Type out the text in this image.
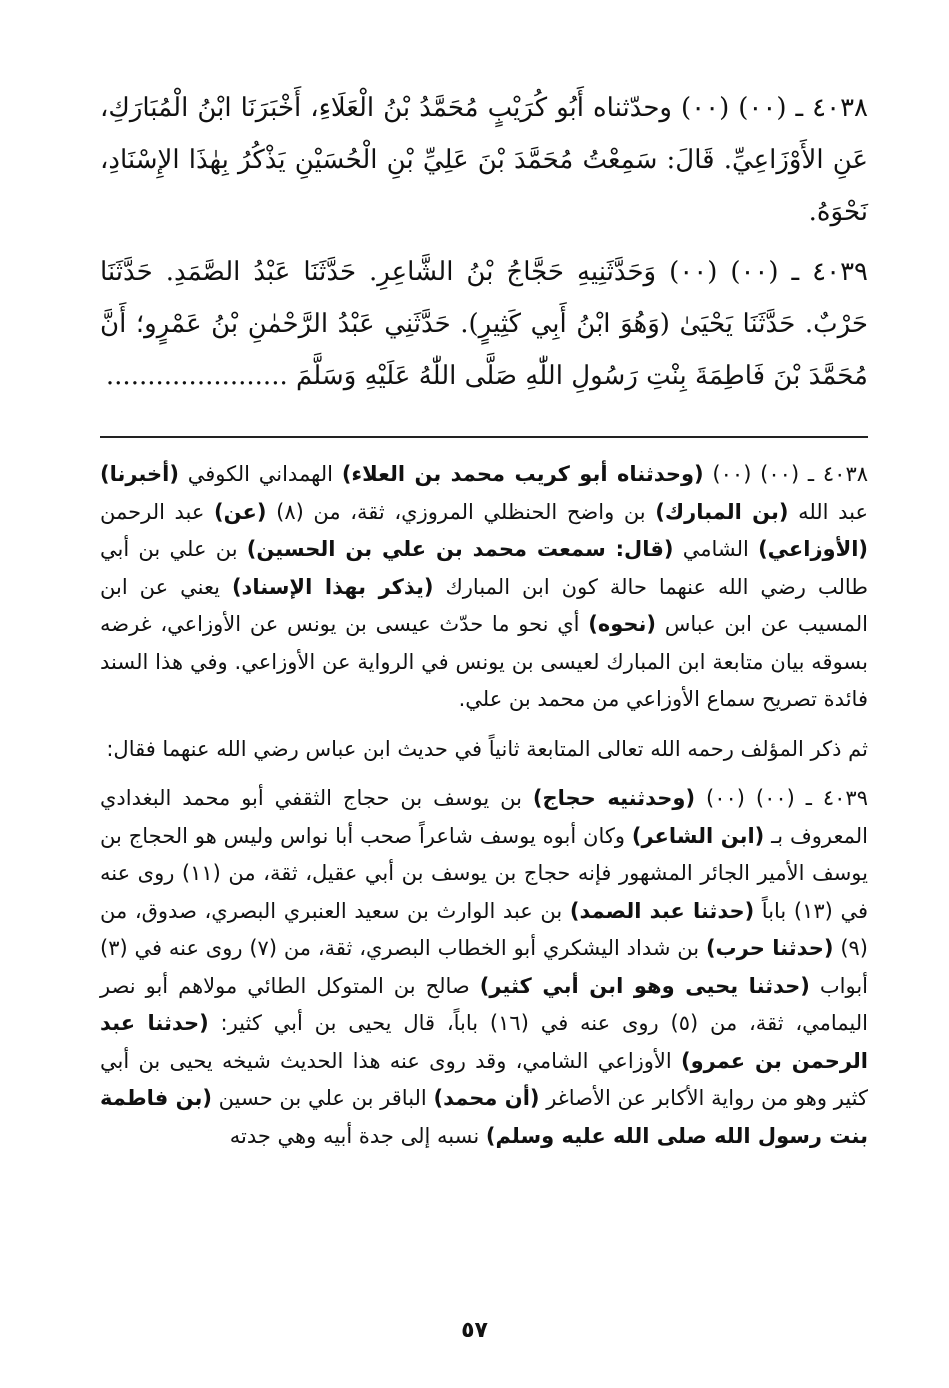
٤٠٣٨ ـ (٠٠) (٠٠) وحدّثناه أَبُو كُرَيْبٍ مُحَمَّدُ بْنُ الْعَلَاءِ، أَخْبَرَنَا ابْنُ الْمُبَارَكِ، عَنِ الأَوْزَاعِيِّ. قَالَ: سَمِعْتُ مُحَمَّدَ بْنَ عَلِيِّ بْنِ الْحُسَيْنِ يَذْكُرُ بِهٰذَا الإِسْنَادِ، نَحْوَهُ.

٤٠٣٩ ـ (٠٠) (٠٠) وَحَدَّثَنِيهِ حَجَّاجُ بْنُ الشَّاعِرِ. حَدَّثَنَا عَبْدُ الصَّمَدِ. حَدَّثَنَا حَرْبٌ. حَدَّثَنَا يَحْيَىٰ (وَهُوَ ابْنُ أَبِي كَثِيرٍ). حَدَّثَنِي عَبْدُ الرَّحْمٰنِ بْنُ عَمْرٍو؛ أَنَّ مُحَمَّدَ بْنَ فَاطِمَةَ بِنْتِ رَسُولِ اللّٰهِ صَلَّى اللّٰهُ عَلَيْهِ وَسَلَّمَ ......................

٤٠٣٨ ـ (٠٠) (٠٠) (وحدثناه أبو كريب محمد بن العلاء) الهمداني الكوفي (أخبرنا) عبد الله (بن المبارك) بن واضح الحنظلي المروزي، ثقة، من (٨) (عن) عبد الرحمن (الأوزاعي) الشامي (قال: سمعت محمد بن علي بن الحسين) بن علي بن أبي طالب رضي الله عنهما حالة كون ابن المبارك (يذكر بهذا الإسناد) يعني عن ابن المسيب عن ابن عباس (نحوه) أي نحو ما حدّث عيسى بن يونس عن الأوزاعي، غرضه بسوقه بيان متابعة ابن المبارك لعيسى بن يونس في الرواية عن الأوزاعي. وفي هذا السند فائدة تصريح سماع الأوزاعي من محمد بن علي.

ثم ذكر المؤلف رحمه الله تعالى المتابعة ثانياً في حديث ابن عباس رضي الله عنهما فقال:

٤٠٣٩ ـ (٠٠) (٠٠) (وحدثنيه حجاج) بن يوسف بن حجاج الثقفي أبو محمد البغدادي المعروف بـ (ابن الشاعر) وكان أبوه يوسف شاعراً صحب أبا نواس وليس هو الحجاج بن يوسف الأمير الجائر المشهور فإنه حجاج بن يوسف بن أبي عقيل، ثقة، من (١١) روى عنه في (١٣) باباً (حدثنا عبد الصمد) بن عبد الوارث بن سعيد العنبري البصري، صدوق، من (٩) (حدثنا حرب) بن شداد اليشكري أبو الخطاب البصري، ثقة، من (٧) روى عنه في (٣) أبواب (حدثنا يحيى وهو ابن أبي كثير) صالح بن المتوكل الطائي مولاهم أبو نصر اليمامي، ثقة، من (٥) روى عنه في (١٦) باباً، قال يحيى بن أبي كثير: (حدثنا عبد الرحمن بن عمرو) الأوزاعي الشامي، وقد روى عنه هذا الحديث شيخه يحيى بن أبي كثير وهو من رواية الأكابر عن الأصاغر (أن محمد) الباقر بن علي بن حسين (بن فاطمة بنت رسول الله صلى الله عليه وسلم) نسبه إلى جدة أبيه وهي جدته

٥٧
